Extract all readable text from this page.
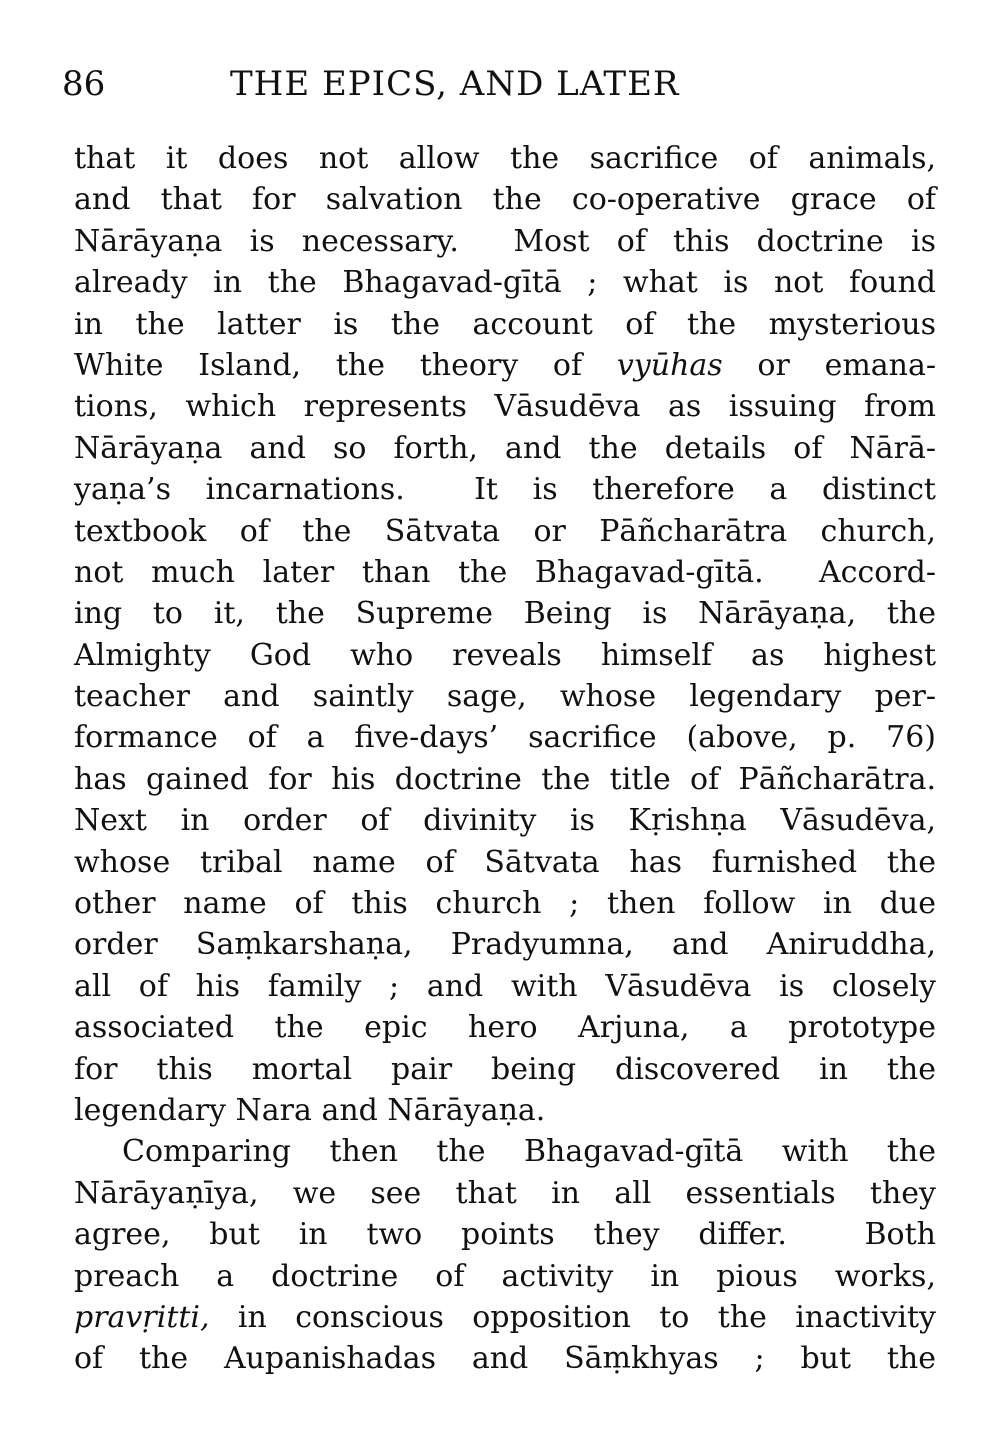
86	THE EPICS, AND LATER
that it does not allow the sacrifice of animals,
and that for salvation the co-operative grace of
Nārāyaṇa is necessary.  Most of this doctrine is
already in the Bhagavad-gītā ; what is not found
in the latter is the account of the mysterious
White Island, the theory of vyūhas or emana-
tions, which represents Vāsudēva as issuing from
Nārāyaṇa and so forth, and the details of Nārā-
yaṇa’s incarnations.  It is therefore a distinct
textbook of the Sātvata or Pāñcharātra church,
not much later than the Bhagavad-gītā.  Accord-
ing to it, the Supreme Being is Nārāyaṇa, the
Almighty God who reveals himself as highest
teacher and saintly sage, whose legendary per-
formance of a five-days’ sacrifice (above, p. 76)
has gained for his doctrine the title of Pāñcharātra.
Next in order of divinity is Kṛishṇa Vāsudēva,
whose tribal name of Sātvata has furnished the
other name of this church ; then follow in due
order Saṃkarshaṇa, Pradyumna, and Aniruddha,
all of his family ; and with Vāsudēva is closely
associated the epic hero Arjuna, a prototype
for this mortal pair being discovered in the
legendary Nara and Nārāyaṇa.
Comparing then the Bhagavad-gītā with the
Nārāyaṇīya, we see that in all essentials they
agree, but in two points they differ.  Both
preach a doctrine of activity in pious works,
pravṛitti, in conscious opposition to the inactivity
of the Aupanishadas and Sāṃkhyas ; but the
